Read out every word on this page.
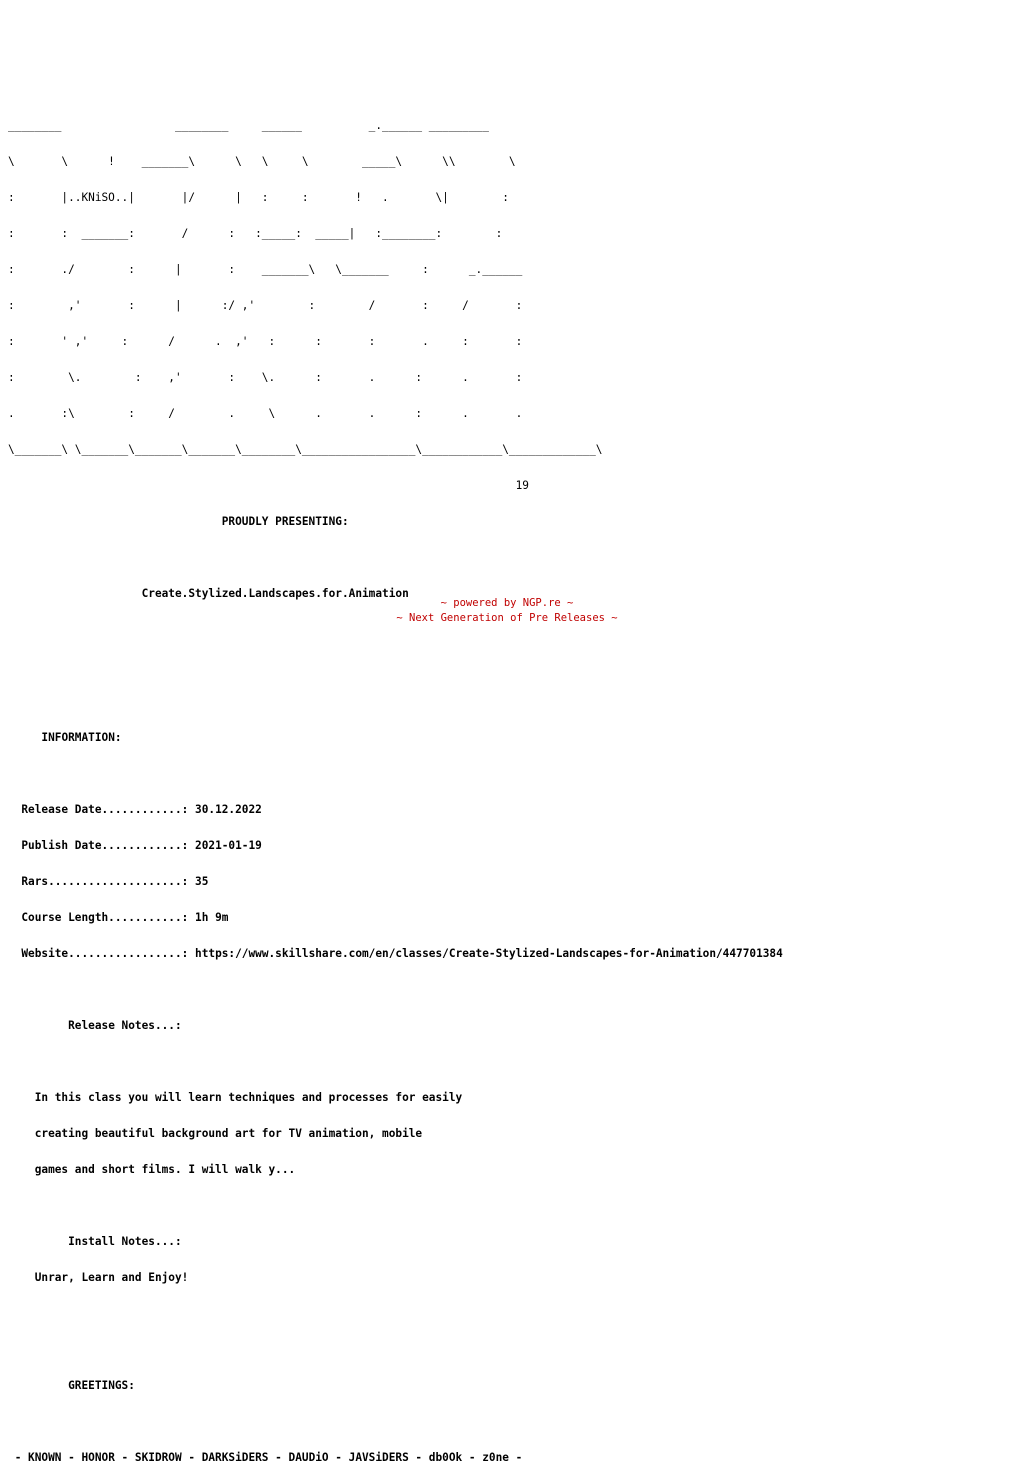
________                 ________     ______          _.______ _________

\       \      !    _______\      \   \     \        _____\      \\        \

:       |..KNiSO..|       |/      |   :     :       !   .       \|        :

:       :  _______:       /      :   :_____:  _____|   :________:        :

:       ./        :      |       :    _______\   \_______     :      _.______

:        ,'       :      |      :/ ,'        :        /       :     /       :

:       ' ,'     :      /      .  ,'   :      :       :       .     :       :

:        \.        :    ,'       :    \.      :       .      :      .       :

.       :\        :     /        .     \      .       .      :      .       .

\_______\ \_______\_______\_______\________\_________________\____________\_____________\

19

PROUDLY PRESENTING:

Create.Stylized.Landscapes.for.Animation

INFORMATION:

Release Date............: 30.12.2022

Publish Date............: 2021-01-19

Rars....................: 35

Course Length...........: 1h 9m

Website.................: https://www.skillshare.com/en/classes/Create-Stylized-Landscapes-for-Animation/447701384

Release Notes...:

In this class you will learn techniques and processes for easily

creating beautiful background art for TV animation, mobile

games and short films. I will walk y...

Install Notes...:

Unrar, Learn and Enjoy!

GREETINGS:

- KNOWN - HONOR - SKIDROW - DARKSiDERS - DAUDiO - JAVSiDERS - db0Ok - z0ne -

~ powered by NGP.re ~
~ Next Generation of Pre Releases ~
